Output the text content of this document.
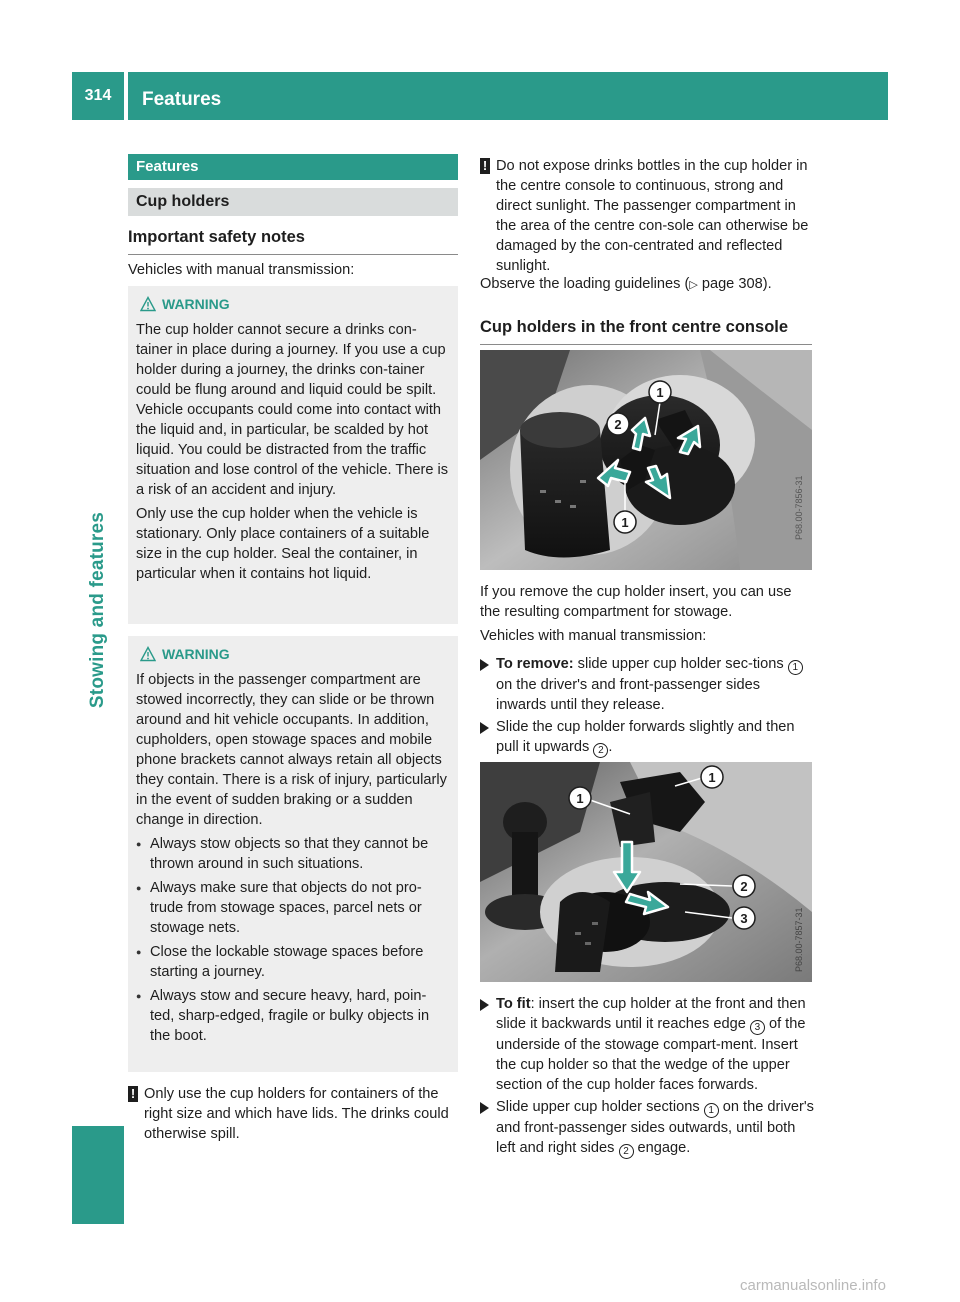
314	Features
Stowing and features
Features
Cup holders
Important safety notes
Vehicles with manual transmission:
WARNING

The cup holder cannot secure a drinks con-tainer in place during a journey. If you use a cup holder during a journey, the drinks con-tainer could be flung around and liquid could be spilt. Vehicle occupants could come into contact with the liquid and, in particular, be scalded by hot liquid. You could be distracted from the traffic situation and lose control of the vehicle. There is a risk of an accident and injury.

Only use the cup holder when the vehicle is stationary. Only place containers of a suitable size in the cup holder. Seal the container, in particular when it contains hot liquid.

WARNING

If objects in the passenger compartment are stowed incorrectly, they can slide or be thrown around and hit vehicle occupants. In addition, cupholders, open stowage spaces and mobile phone brackets cannot always retain all objects they contain. There is a risk of injury, particularly in the event of sudden braking or a sudden change in direction.

● Always stow objects so that they cannot be thrown around in such situations.
● Always make sure that objects do not pro-trude from stowage spaces, parcel nets or stowage nets.
● Close the lockable stowage spaces before starting a journey.
● Always stow and secure heavy, hard, poin-ted, sharp-edged, fragile or bulky objects in the boot.
! Only use the cup holders for containers of the right size and which have lids. The drinks could otherwise spill.
! Do not expose drinks bottles in the cup holder in the centre console to continuous, strong and direct sunlight. The passenger compartment in the area of the centre con-sole can otherwise be damaged by the con-centrated and reflected sunlight.
Observe the loading guidelines (▷ page 308).
Cup holders in the front centre console
1
2
1	P68.00-7856-31
If you remove the cup holder insert, you can use the resulting compartment for stowage.
Vehicles with manual transmission:
To remove: slide upper cup holder sec-tions 1 on the driver's and front-passenger sides inwards until they release.
Slide the cup holder forwards slightly and then pull it upwards 2 .
1
1
2
3	P68.00-7857-31
To fit: insert the cup holder at the front and then slide it backwards until it reaches edge 3 of the underside of the stowage compart-ment. Insert the cup holder so that the wedge of the upper section of the cup holder faces forwards.
Slide upper cup holder sections 1 on the driver's and front-passenger sides outwards, until both left and right sides 2 engage.
carmanualsonline.info
